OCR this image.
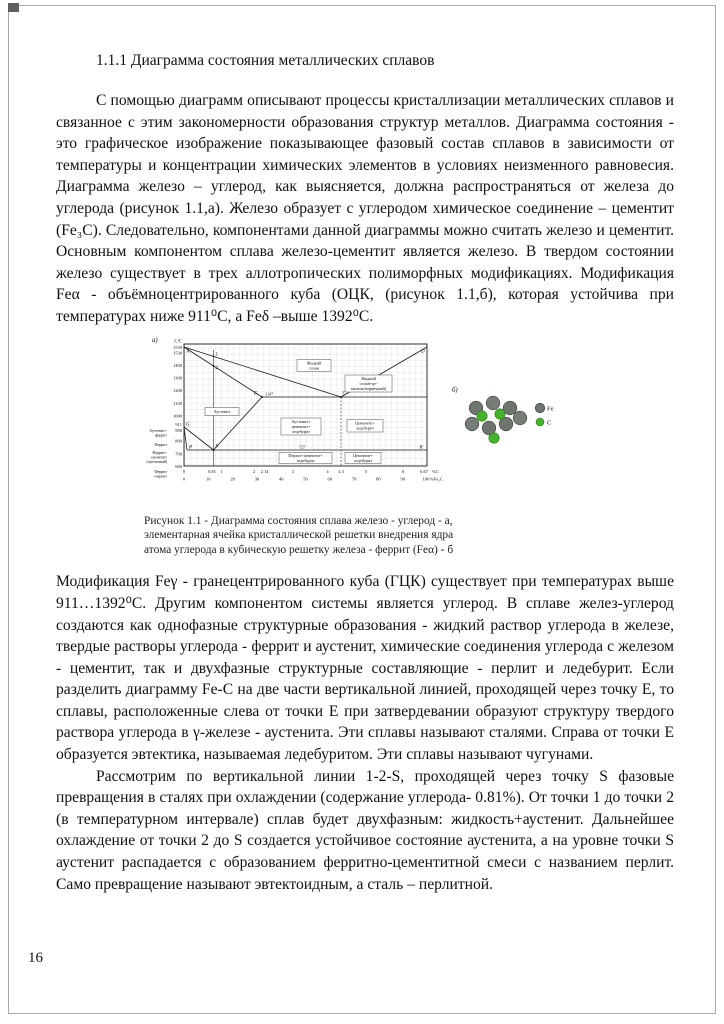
1.1.1 Диаграмма состояния металлических сплавов

С помощью диаграмм описывают процессы кристаллизации металлических сплавов и связанное с этим закономерности образования структур металлов. Диаграмма состояния - это графическое изображение показывающее фазовый состав сплавов в зависимости от температуры и концентрации химических элементов в условиях неизменного равновесия. Диаграмма железо – углерод, как выясняется, должна распространяться от железа до углерода (рисунок 1.1,а). Железо образует с углеродом химическое соединение – цементит (Fe₃C). Следовательно, компонентами данной диаграммы можно считать железо и цементит. Основным компонентом сплава железо-цементит является железо. В твердом состоянии железо существует в трех аллотропических полиморфных модификациях. Модификация Feα - объёмноцентрированного куба (ОЦК, (рисунок 1.1,б), которая устойчива при температурах ниже 911⁰С, а Feδ –выше 1392⁰С.

а)	T,⁰C
1539
1530
1400
1300
1200
1100
1000
911
900
800
700
600
0	0.81 1	2 2.14	3	4 4.3	5	6	6.67 %C
0	10	20	30	40	50	60	70	80	90	100 %Fe₃C
A	D
C
E 1147
S
G
P	K
727
1
2
Жидкий
сплав
Жидкий
сплав+це-
ментит(первичный)
Аустенит
Аустенит+
цементит+
ледебурит
Цементит+
ледебурит
Перлит+цементит+
ледебурит
Цементит+
ледебурит
Аустенит+
феррит
Феррит
Феррит+
цементит
(третичный)
Феррит
+перлит
б)
Fe
C
Рисунок 1.1 - Диаграмма состояния сплава железо - углерод - а,
элементарная ячейка кристаллической решетки внедрения ядра
атома углерода в кубическую решетку железа - феррит (Feα) - б

Модификация Feγ - гранецентрированного куба (ГЦК) существует при температурах выше 911…1392⁰С. Другим компонентом системы является углерод. В сплаве желез-углерод создаются как однофазные структурные образования - жидкий раствор углерода в железе, твердые растворы углерода - феррит и аустенит, химические соединения углерода с железом - цементит, так и двухфазные структурные составляющие - перлит и ледебурит. Если разделить диаграмму Fe-C на две части вертикальной линией, проходящей через точку E, то сплавы, расположенные слева от точки E при затвердевании образуют структуру твердого раствора углерода в γ-железе - аустенита. Эти сплавы называют сталями. Справа от точки E образуется эвтектика, называемая ледебуритом. Эти сплавы называют чугунами.

Рассмотрим по вертикальной линии 1-2-S, проходящей через точку S фазовые превращения в сталях при охлаждении (содержание углерода- 0.81%). От точки 1 до точки 2 (в температурном интервале) сплав будет двухфазным: жидкость+аустенит. Дальнейшее охлаждение от точки 2 до S создается устойчивое состояние аустенита, а на уровне точки S аустенит распадается с образованием ферритно-цементитной смеси с названием перлит. Само превращение называют эвтектоидным, а сталь – перлитной.

16
